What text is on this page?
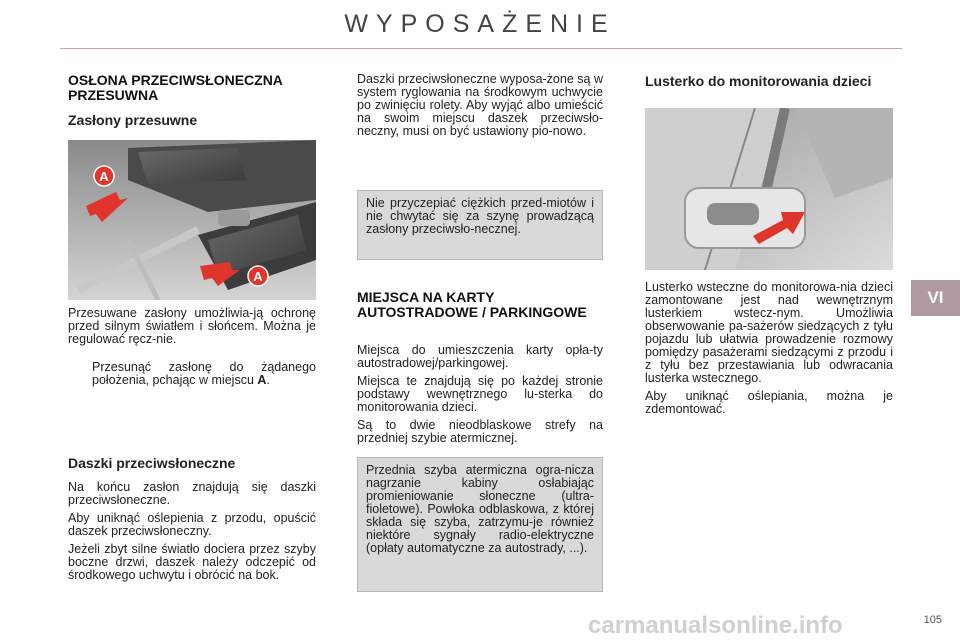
WYPOSAŻENIE
OSŁONA PRZECIWSŁONECZNA PRZESUWNA
Zasłony przesuwne
A
A

Przesuwane zasłony umożliwia-ją ochronę przed silnym światłem i słońcem. Można je regulować ręcz-nie.

Przesunąć zasłonę do żądanego położenia, pchając w miejscu A.
Daszki przeciwsłoneczne

Na końcu zasłon znajdują się daszki przeciwsłoneczne.

Aby uniknąć oślepienia z przodu, opuścić daszek przeciwsłoneczny.

Jeżeli zbyt silne światło dociera przez szyby boczne drzwi, daszek należy odczepić od środkowego uchwytu i obrócić na bok.

Daszki przeciwsłoneczne wyposa-żone są w system ryglowania na środkowym uchwycie po zwinięciu rolety. Aby wyjąć albo umieścić na swoim miejscu daszek przeciwsło-neczny, musi on być ustawiony pio-nowo.

Nie przyczepiać ciężkich przed-miotów i nie chwytać się za szynę prowadzącą zasłony przeciwsło-necznej.

MIEJSCA NA KARTY AUTOSTRADOWE / PARKINGOWE

Miejsca do umieszczenia karty opła-ty autostradowej/parkingowej.

Miejsca te znajdują się po każdej stronie podstawy wewnętrznego lu-sterka do monitorowania dzieci.

Są to dwie nieodblaskowe strefy na przedniej szybie atermicznej.

Przednia szyba atermiczna ogra-nicza nagrzanie kabiny osłabiając promieniowanie słoneczne (ultra-fioletowe). Powłoka odblaskowa, z której składa się szyba, zatrzymu-je również niektóre sygnały radio-elektryczne (opłaty automatyczne za autostrady, ...).

Lusterko do monitorowania dzieci

Lusterko wsteczne do monitorowa-nia dzieci zamontowane jest nad wewnętrznym lusterkiem wstecz-nym. Umożliwia obserwowanie pa-sażerów siedzących z tyłu pojazdu lub ułatwia prowadzenie rozmowy pomiędzy pasażerami siedzącymi z przodu i z tyłu bez przestawiania lub odwracania lusterka wstecznego.

Aby uniknąć oślepiania, można je zdemontować.

VI
carmanualsonline.info	105
